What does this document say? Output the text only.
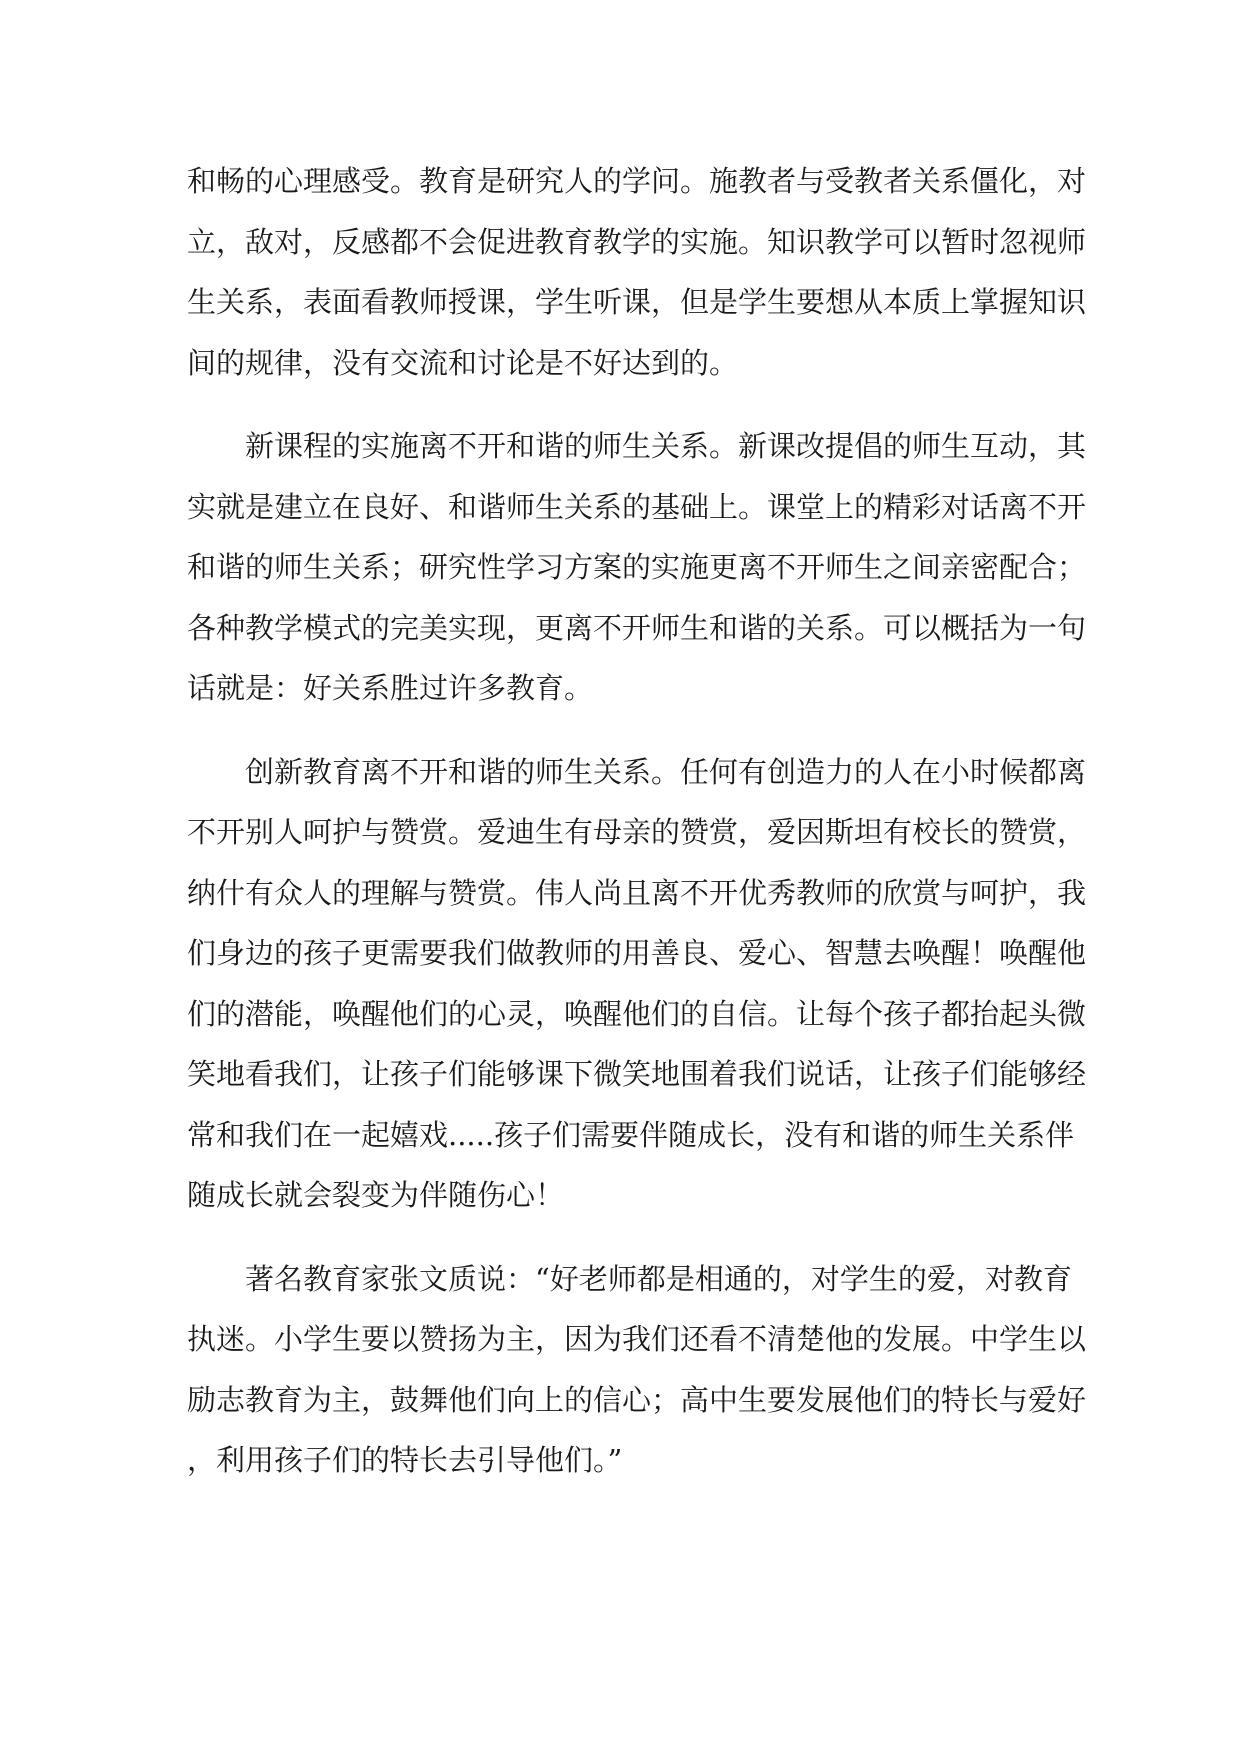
和畅的心理感受。教育是研究人的学问。施教者与受教者关系僵化，对
立，敌对，反感都不会促进教育教学的实施。知识教学可以暂时忽视师
生关系，表面看教师授课，学生听课，但是学生要想从本质上掌握知识
间的规律，没有交流和讨论是不好达到的。

新课程的实施离不开和谐的师生关系。新课改提倡的师生互动，其
实就是建立在良好、和谐师生关系的基础上。课堂上的精彩对话离不开
和谐的师生关系；研究性学习方案的实施更离不开师生之间亲密配合；
各种教学模式的完美实现，更离不开师生和谐的关系。可以概括为一句
话就是：好关系胜过许多教育。

创新教育离不开和谐的师生关系。任何有创造力的人在小时候都离
不开别人呵护与赞赏。爱迪生有母亲的赞赏，爱因斯坦有校长的赞赏，
纳什有众人的理解与赞赏。伟人尚且离不开优秀教师的欣赏与呵护，我
们身边的孩子更需要我们做教师的用善良、爱心、智慧去唤醒！唤醒他
们的潜能，唤醒他们的心灵，唤醒他们的自信。让每个孩子都抬起头微
笑地看我们，让孩子们能够课下微笑地围着我们说话，让孩子们能够经
常和我们在一起嬉戏.....孩子们需要伴随成长，没有和谐的师生关系伴
随成长就会裂变为伴随伤心！

著名教育家张文质说：“好老师都是相通的，对学生的爱，对教育
执迷。小学生要以赞扬为主，因为我们还看不清楚他的发展。中学生以
励志教育为主，鼓舞他们向上的信心；高中生要发展他们的特长与爱好
，利用孩子们的特长去引导他们。”
